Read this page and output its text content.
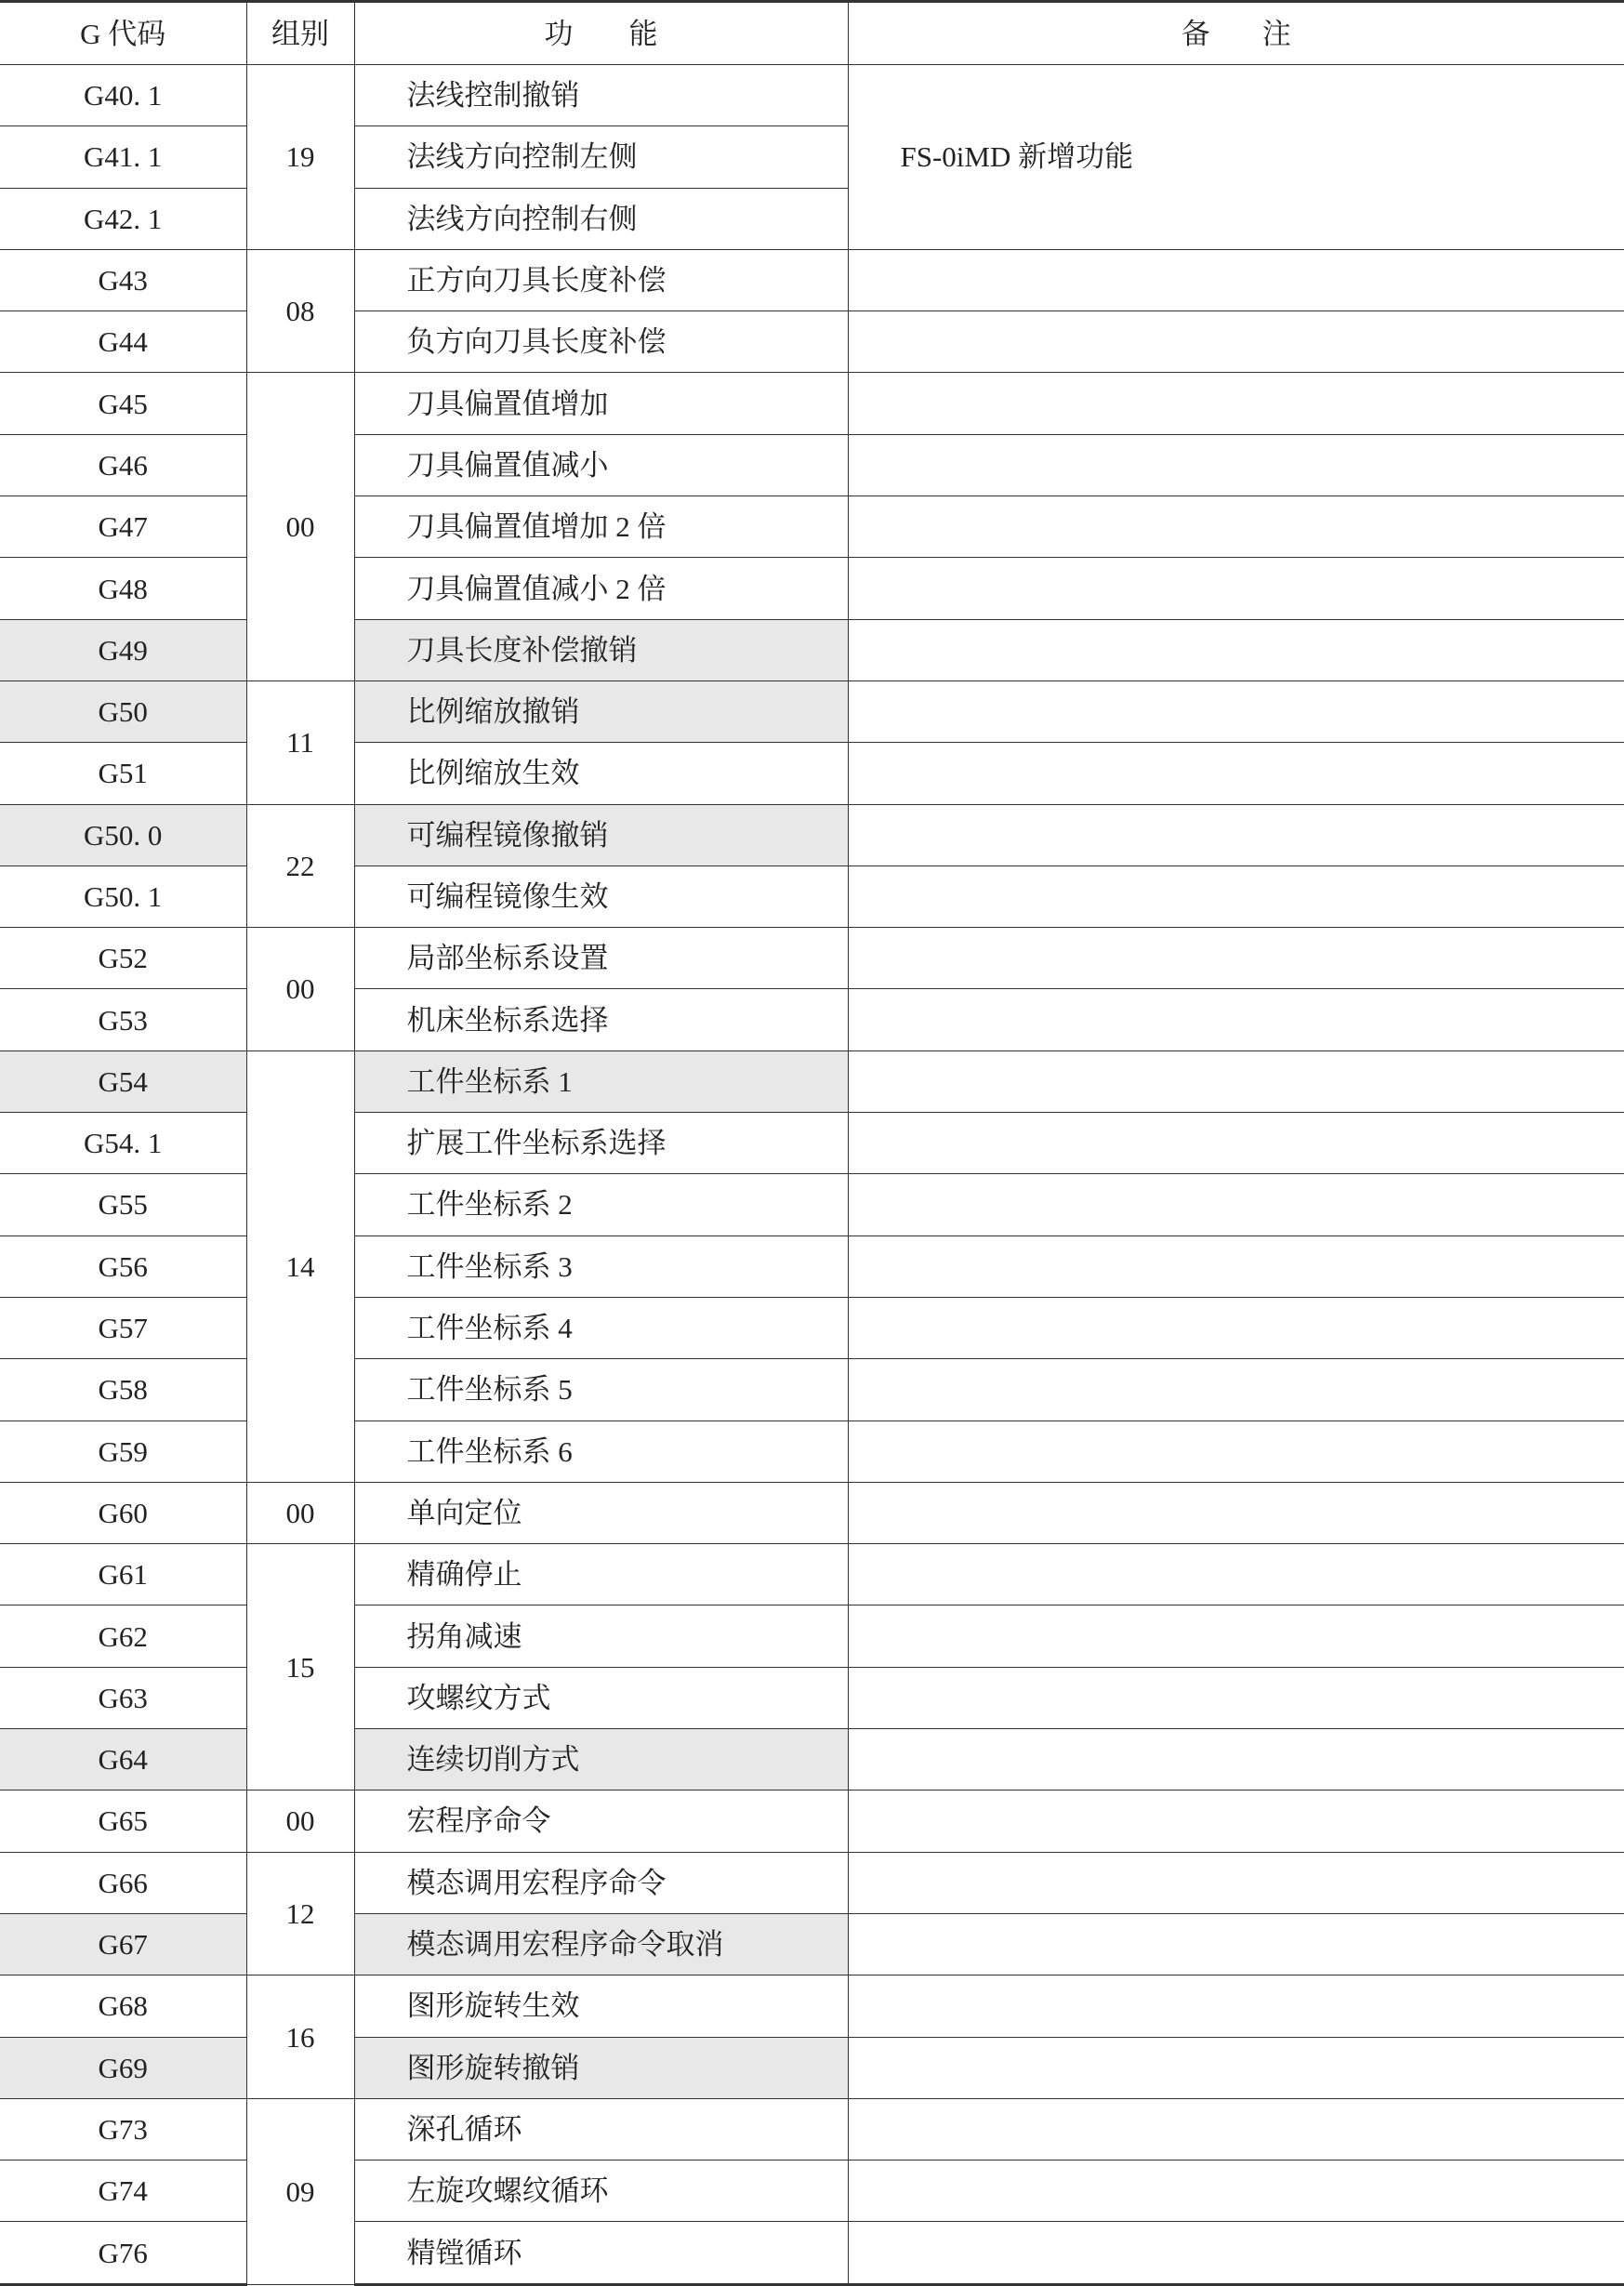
G 代码	组别	功 能	备 注
G40. 1	19	法线控制撤销	FS-0iMD 新增功能
G41. 1		法线方向控制左侧	
G42. 1		法线方向控制右侧	
G43	08	正方向刀具长度补偿	
G44		负方向刀具长度补偿	
G45	00	刀具偏置值增加	
G46		刀具偏置值减小	
G47		刀具偏置值增加 2 倍	
G48		刀具偏置值减小 2 倍	
G49		刀具长度补偿撤销	
G50	11	比例缩放撤销	
G51		比例缩放生效	
G50. 0	22	可编程镜像撤销	
G50. 1		可编程镜像生效	
G52	00	局部坐标系设置	
G53		机床坐标系选择	
G54	14	工件坐标系 1	
G54. 1		扩展工件坐标系选择	
G55		工件坐标系 2	
G56		工件坐标系 3	
G57		工件坐标系 4	
G58		工件坐标系 5	
G59		工件坐标系 6	
G60	00	单向定位	
G61	15	精确停止	
G62		拐角减速	
G63		攻螺纹方式	
G64		连续切削方式	
G65	00	宏程序命令	
G66	12	模态调用宏程序命令	
G67		模态调用宏程序命令取消	
G68	16	图形旋转生效	
G69		图形旋转撤销	
G73	09	深孔循环	
G74		左旋攻螺纹循环	
G76		精镗循环	
